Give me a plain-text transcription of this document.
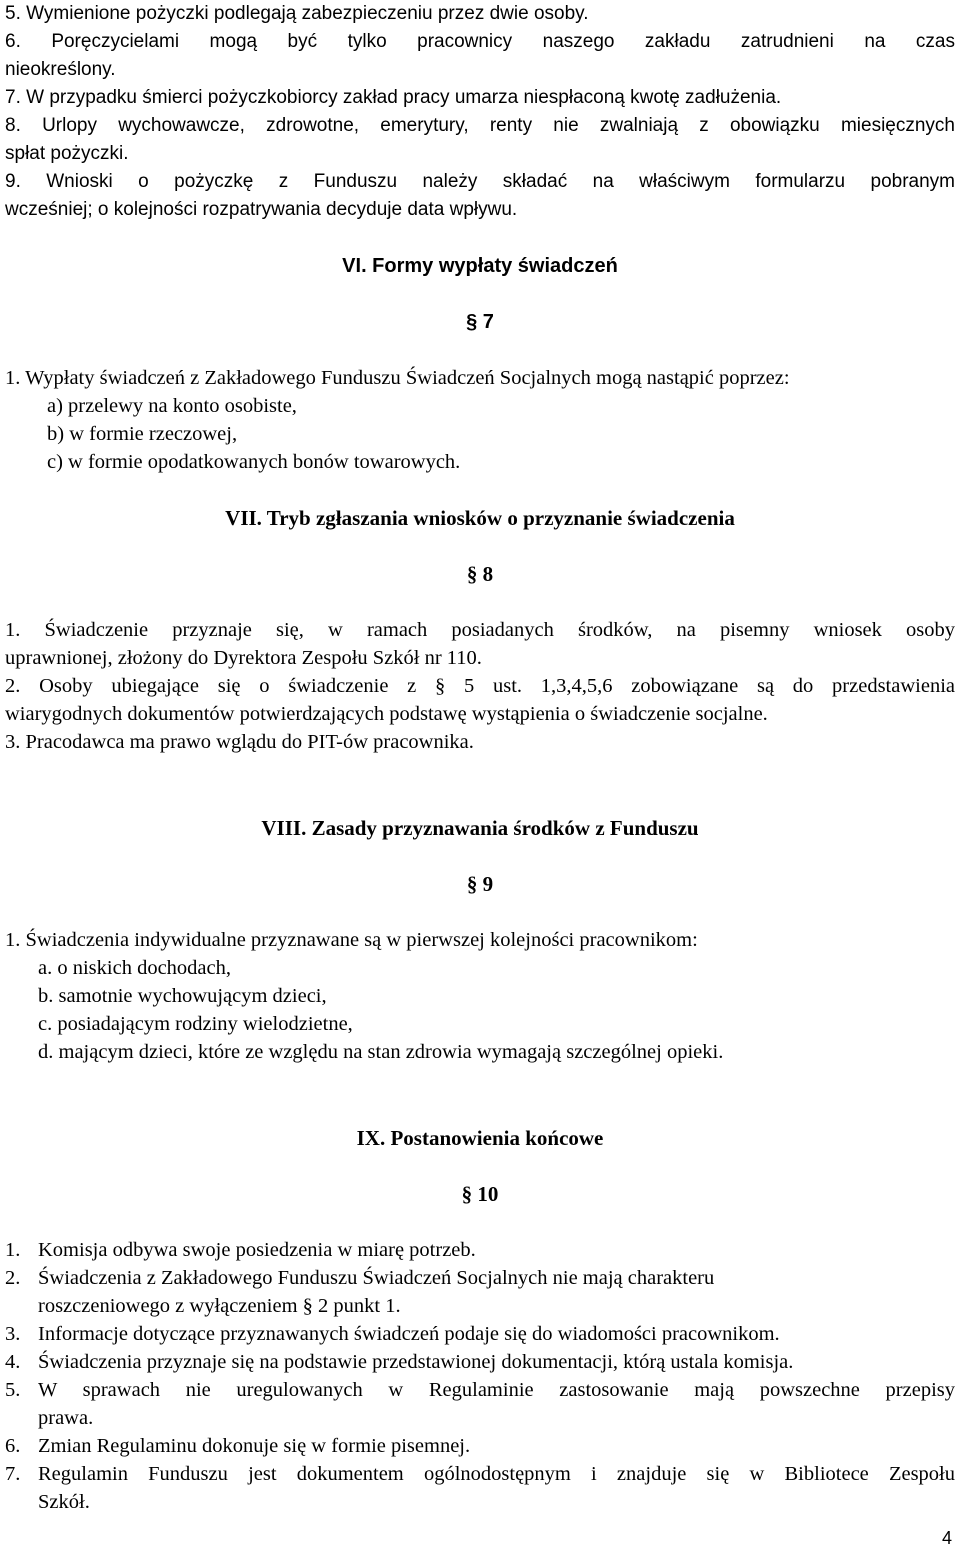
5. Wymienione pożyczki podlegają zabezpieczeniu przez dwie osoby.
6. Poręczycielami mogą być tylko pracownicy naszego zakładu zatrudnieni na czas
nieokreślony.
7. W przypadku śmierci pożyczkobiorcy zakład pracy umarza niespłaconą kwotę zadłużenia.
8. Urlopy wychowawcze, zdrowotne, emerytury, renty nie zwalniają z obowiązku miesięcznych
spłat pożyczki.
9. Wnioski o pożyczkę z Funduszu należy składać na właściwym formularzu pobranym
wcześniej; o kolejności rozpatrywania decyduje data wpływu.
VI. Formy wypłaty świadczeń
§ 7
1. Wypłaty świadczeń z Zakładowego Funduszu Świadczeń Socjalnych mogą nastąpić poprzez:
a) przelewy na konto osobiste,
b) w formie rzeczowej,
c) w formie opodatkowanych bonów towarowych.
VII. Tryb zgłaszania wniosków o przyznanie świadczenia
§ 8
1. Świadczenie przyznaje się, w ramach posiadanych środków, na pisemny wniosek osoby
uprawnionej, złożony do Dyrektora Zespołu Szkół nr 110.
2. Osoby ubiegające się o świadczenie z § 5 ust. 1,3,4,5,6 zobowiązane są do przedstawienia
wiarygodnych dokumentów potwierdzających podstawę wystąpienia o świadczenie socjalne.
3. Pracodawca ma prawo wglądu do PIT-ów pracownika.
VIII. Zasady przyznawania środków z Funduszu
§ 9
1. Świadczenia indywidualne przyznawane są w pierwszej kolejności pracownikom:
a. o niskich dochodach,
b. samotnie wychowującym dzieci,
c. posiadającym rodziny wielodzietne,
d. mającym dzieci, które ze względu na stan zdrowia wymagają szczególnej opieki.
IX. Postanowienia końcowe
§ 10
1. Komisja odbywa swoje posiedzenia w miarę potrzeb.
2. Świadczenia z Zakładowego Funduszu Świadczeń Socjalnych nie mają charakteru
roszczeniowego z wyłączeniem § 2 punkt 1.
3. Informacje dotyczące przyznawanych świadczeń podaje się do wiadomości pracownikom.
4. Świadczenia przyznaje się na podstawie przedstawionej dokumentacji, którą ustala komisja.
5. W sprawach nie uregulowanych w Regulaminie zastosowanie mają powszechne przepisy
prawa.
6. Zmian Regulaminu dokonuje się w formie pisemnej.
7. Regulamin Funduszu jest dokumentem ogólnodostępnym i znajduje się w Bibliotece Zespołu
Szkół.
4
